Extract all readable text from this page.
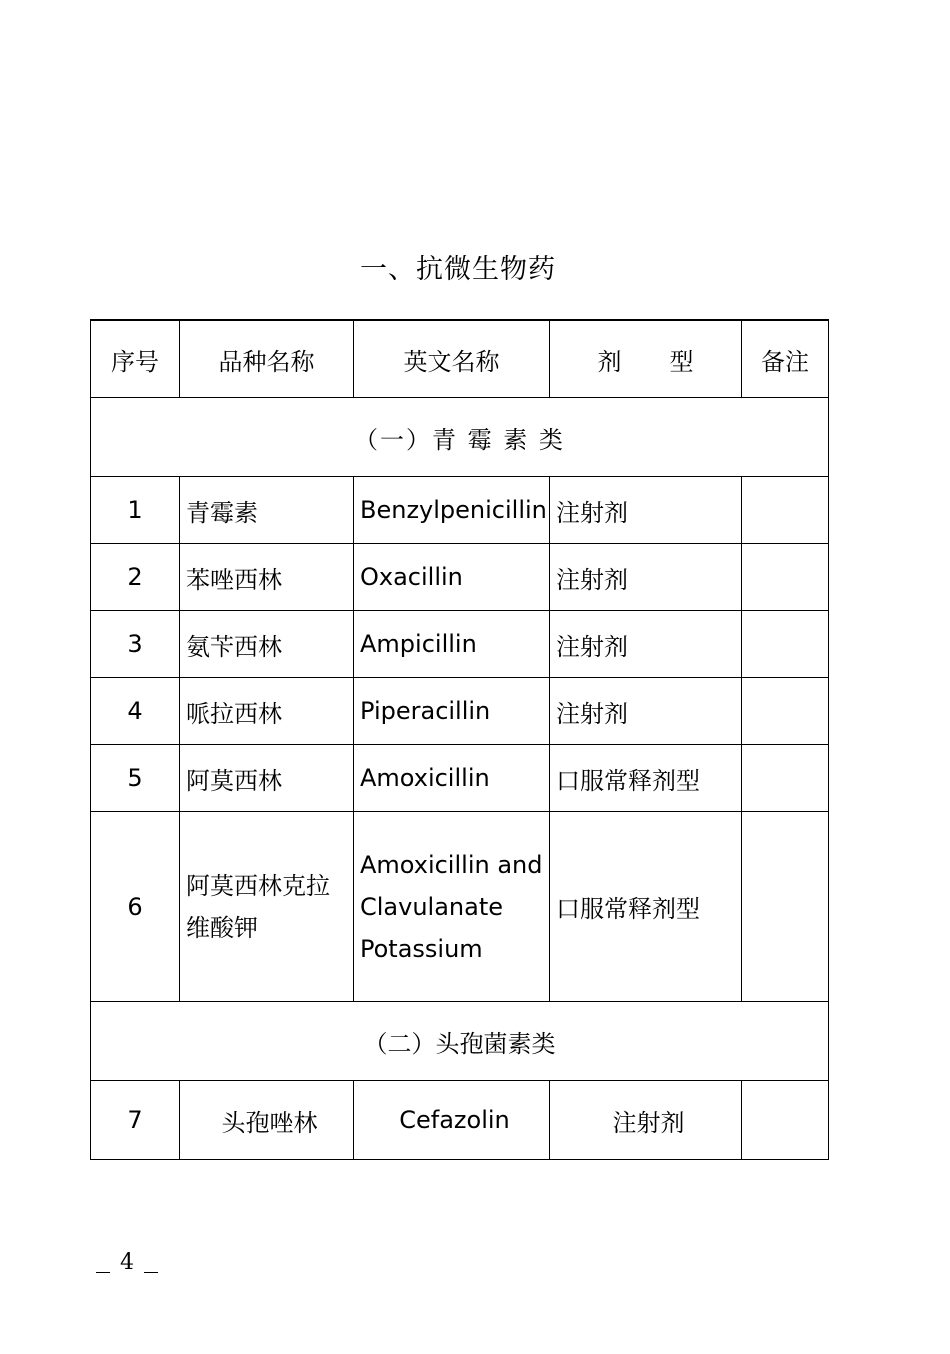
一、抗微生物药
序号	品种名称	英文名称	剂　　型	备注
（一）青 霉 素 类				
1	青霉素	Benzylpenicillin	注射剂	
2	苯唑西林	Oxacillin	注射剂	
3	氨苄西林	Ampicillin	注射剂	
4	哌拉西林	Piperacillin	注射剂	
5	阿莫西林	Amoxicillin	口服常释剂型	
6	阿莫西林克拉维酸钾	Amoxicillin and Clavulanate Potassium	口服常释剂型	
（二）头孢菌素类				
7	头孢唑林	Cefazolin	注射剂	
4
